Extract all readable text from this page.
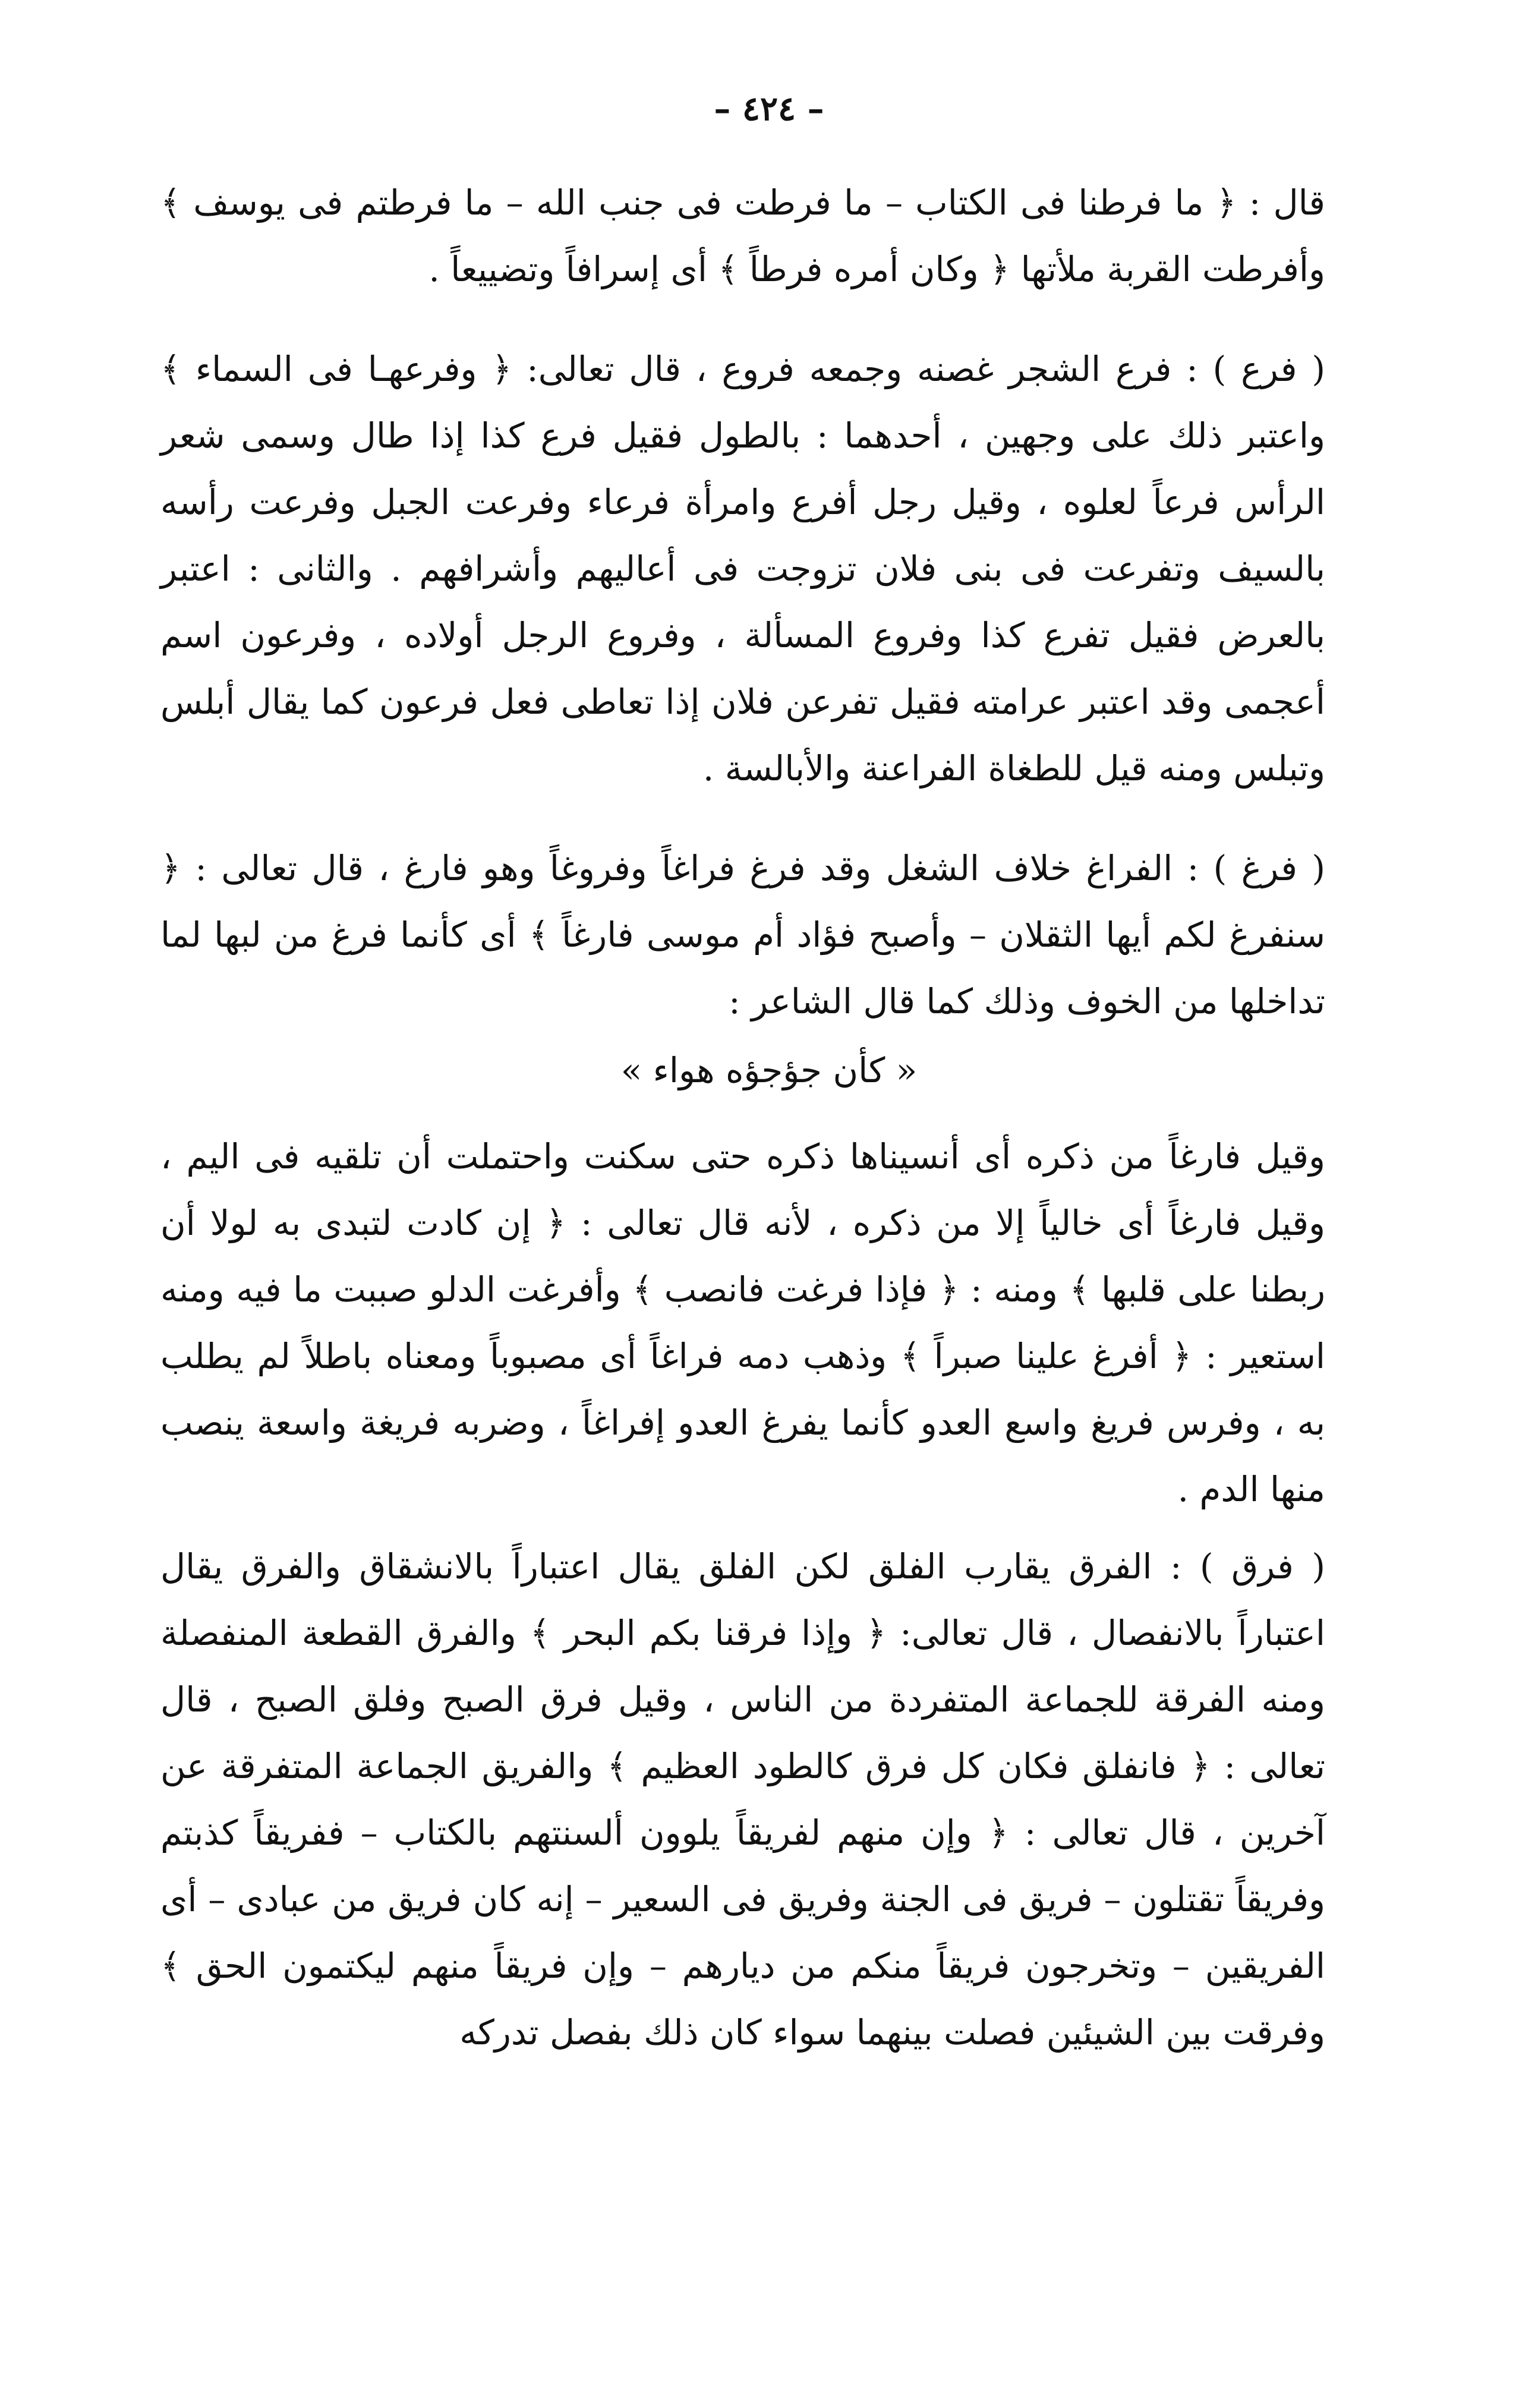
– ٤٢٤ –

قال : ﴿ ما فرطنا فى الكتاب – ما فرطت فى جنب الله – ما فرطتم فى يوسف ﴾ وأفرطت القربة ملأتها ﴿ وكان أمره فرطاً ﴾ أى إسرافاً وتضييعاً .

( فرع ) : فرع الشجر غصنه وجمعه فروع ، قال تعالى: ﴿ وفرعهـا فى السماء ﴾ واعتبر ذلك على وجهين ، أحدهما : بالطول فقيل فرع كذا إذا طال وسمى شعر الرأس فرعاً لعلوه ، وقيل رجل أفرع وامرأة فرعاء وفرعت الجبل وفرعت رأسه بالسيف وتفرعت فى بنى فلان تزوجت فى أعاليهم وأشرافهم . والثانى : اعتبر بالعرض فقيل تفرع كذا وفروع المسألة ، وفروع الرجل أولاده ، وفرعون اسم أعجمى وقد اعتبر عرامته فقيل تفرعن فلان إذا تعاطى فعل فرعون كما يقال أبلس وتبلس ومنه قيل للطغاة الفراعنة والأبالسة .

( فرغ ) : الفراغ خلاف الشغل وقد فرغ فراغاً وفروغاً وهو فارغ ، قال تعالى : ﴿ سنفرغ لكم أيها الثقلان – وأصبح فؤاد أم موسى فارغاً ﴾ أى كأنما فرغ من لبها لما تداخلها من الخوف وذلك كما قال الشاعر :

« كأن جؤجؤه هواء »

وقيل فارغاً من ذكره أى أنسيناها ذكره حتى سكنت واحتملت أن تلقيه فى اليم ، وقيل فارغاً أى خالياً إلا من ذكره ، لأنه قال تعالى : ﴿ إن كادت لتبدى به لولا أن ربطنا على قلبها ﴾ ومنه : ﴿ فإذا فرغت فانصب ﴾ وأفرغت الدلو صببت ما فيه ومنه استعير : ﴿ أفرغ علينا صبراً ﴾ وذهب دمه فراغاً أى مصبوباً ومعناه باطلاً لم يطلب به ، وفرس فريغ واسع العدو كأنما يفرغ العدو إفراغاً ، وضربه فريغة واسعة ينصب منها الدم .

( فرق ) : الفرق يقارب الفلق لكن الفلق يقال اعتباراً بالانشقاق والفرق يقال اعتباراً بالانفصال ، قال تعالى: ﴿ وإذا فرقنا بكم البحر ﴾ والفرق القطعة المنفصلة ومنه الفرقة للجماعة المتفردة من الناس ، وقيل فرق الصبح وفلق الصبح ، قال تعالى : ﴿ فانفلق فكان كل فرق كالطود العظيم ﴾ والفريق الجماعة المتفرقة عن آخرين ، قال تعالى : ﴿ وإن منهم لفريقاً يلوون ألسنتهم بالكتاب – ففريقاً كذبتم وفريقاً تقتلون – فريق فى الجنة وفريق فى السعير – إنه كان فريق من عبادى – أى الفريقين – وتخرجون فريقاً منكم من ديارهم – وإن فريقاً منهم ليكتمون الحق ﴾ وفرقت بين الشيئين فصلت بينهما سواء كان ذلك بفصل تدركه
